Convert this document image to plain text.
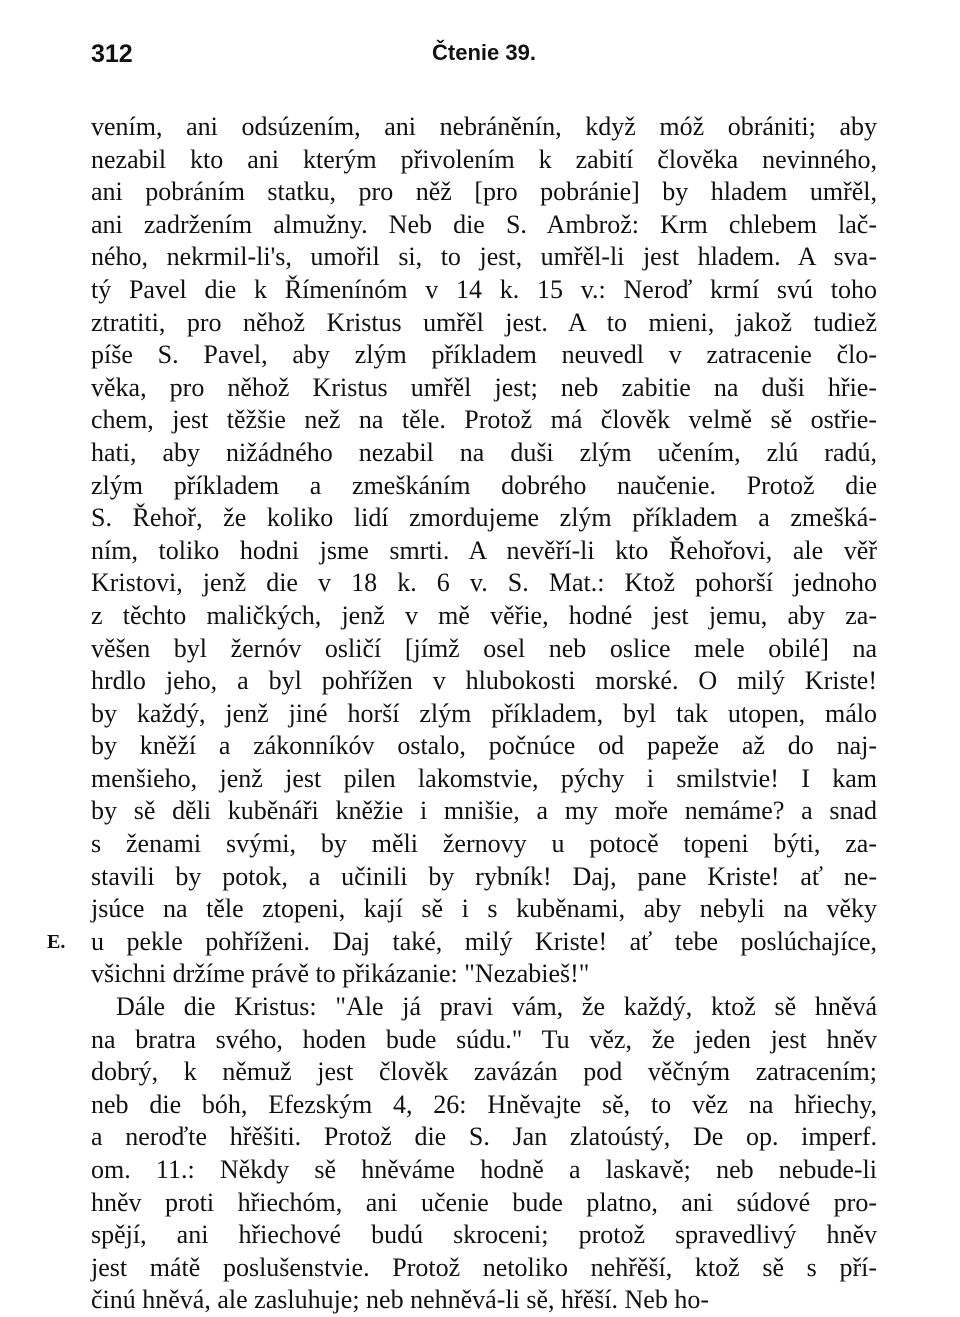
312	Čtenie 39.
E.
vením, ani odsúzením, ani nebráněnín, když móž obrániti; aby
nezabil kto ani kterým přivolením k zabití člověka nevinného,
ani pobráním statku, pro něž [pro pobránie] by hladem umřěl,
ani zadržením almužny. Neb die S. Ambrož: Krm chlebem lač-
ného, nekrmil-li's, umořil si, to jest, umřěl-li jest hladem. A sva-
tý Pavel die k Římenínóm v 14 k. 15 v.: Neroď krmí svú toho
ztratiti, pro něhož Kristus umřěl jest. A to mieni, jakož tudiež
píše S. Pavel, aby zlým příkladem neuvedl v zatracenie člo-
věka, pro něhož Kristus umřěl jest; neb zabitie na duši hřie-
chem, jest těžšie než na těle. Protož má člověk velmě sě ostřie-
hati, aby nižádného nezabil na duši zlým učením, zlú radú,
zlým příkladem a zmeškáním dobrého naučenie. Protož die
S. Řehoř, že koliko lidí zmordujeme zlým příkladem a zmešká-
ním, toliko hodni jsme smrti. A nevěří-li kto Řehořovi, ale věř
Kristovi, jenž die v 18 k. 6 v. S. Mat.: Ktož pohorší jednoho
z těchto maličkých, jenž v mě věřie, hodné jest jemu, aby za-
věšen byl žernóv osličí [jímž osel neb oslice mele obilé] na
hrdlo jeho, a byl pohřížen v hlubokosti morské. O milý Kriste!
by každý, jenž jiné horší zlým příkladem, byl tak utopen, málo
by kněží a zákonníkóv ostalo, počnúce od papeže až do naj-
menšieho, jenž jest pilen lakomstvie, pýchy i smilstvie! I kam
by sě děli kuběnáři kněžie i mnišie, a my moře nemáme? a snad
s ženami svými, by měli žernovy u potocě topeni býti, za-
stavili by potok, a učinili by rybník! Daj, pane Kriste! ať ne-
jsúce na těle ztopeni, kají sě i s kuběnami, aby nebyli na věky
u pekle pohříženi. Daj také, milý Kriste! ať tebe poslúchajíce,
všichni držíme právě to přikázanie: "Nezabieš!"
Dále die Kristus: "Ale já pravi vám, že každý, ktož sě hněvá
na bratra svého, hoden bude súdu." Tu věz, že jeden jest hněv
dobrý, k němuž jest člověk zavázán pod věčným zatracením;
neb die bóh, Efezským 4, 26: Hněvajte sě, to věz na hřiechy,
a neroďte hřěšiti. Protož die S. Jan zlatoústý, De op. imperf.
om. 11.: Někdy sě hněváme hodně a laskavě; neb nebude-li
hněv proti hřiechóm, ani učenie bude platno, ani súdové pro-
spějí, ani hřiechové budú skroceni; protož spravedlivý hněv
jest mátě poslušenstvie. Protož netoliko nehřěší, ktož sě s pří-
činú hněvá, ale zasluhuje; neb nehněvá-li sě, hřěší. Neb ho-
